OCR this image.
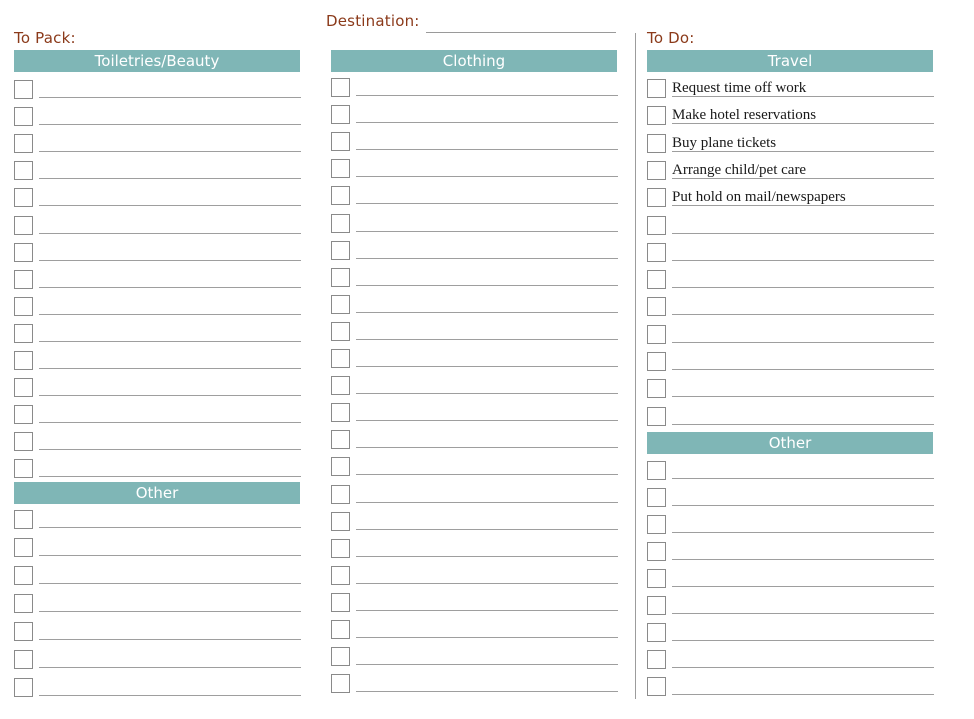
To Pack:
Destination:
To Do:
Toiletries/Beauty
Other
Clothing	Travel
Request time off work
Make hotel reservations
Buy plane tickets
Arrange child/pet care
Put hold on mail/newspapers
Other
